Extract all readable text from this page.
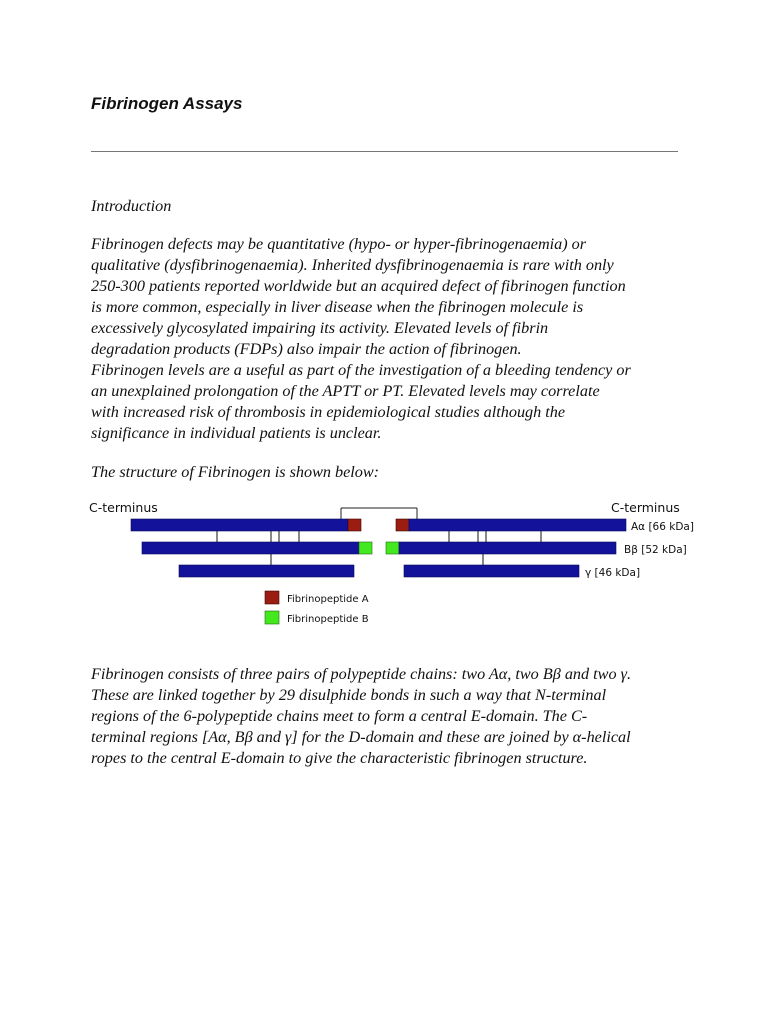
Fibrinogen Assays

Introduction

Fibrinogen defects may be quantitative (hypo- or hyper-fibrinogenaemia) or
qualitative (dysfibrinogenaemia). Inherited dysfibrinogenaemia is rare with only
250-300 patients reported worldwide but an acquired defect of fibrinogen function
is more common, especially in liver disease when the fibrinogen molecule is
excessively glycosylated impairing its activity. Elevated levels of fibrin
degradation products (FDPs) also impair the action of fibrinogen.
Fibrinogen levels are a useful as part of the investigation of a bleeding tendency or
an unexplained prolongation of the APTT or PT. Elevated levels may correlate
with increased risk of thrombosis in epidemiological studies although the
significance in individual patients is unclear.

The structure of Fibrinogen is shown below:

C-terminus	C-terminus
Aα [66 kDa]
Bβ [52 kDa]
γ [46 kDa]
Fibrinopeptide A
Fibrinopeptide B

Fibrinogen consists of three pairs of polypeptide chains: two Aα, two Bβ and two γ.
These are linked together by 29 disulphide bonds in such a way that N-terminal
regions of the 6-polypeptide chains meet to form a central E-domain. The C-
terminal regions [Aα, Bβ and γ] for the D-domain and these are joined by α-helical
ropes to the central E-domain to give the characteristic fibrinogen structure.
